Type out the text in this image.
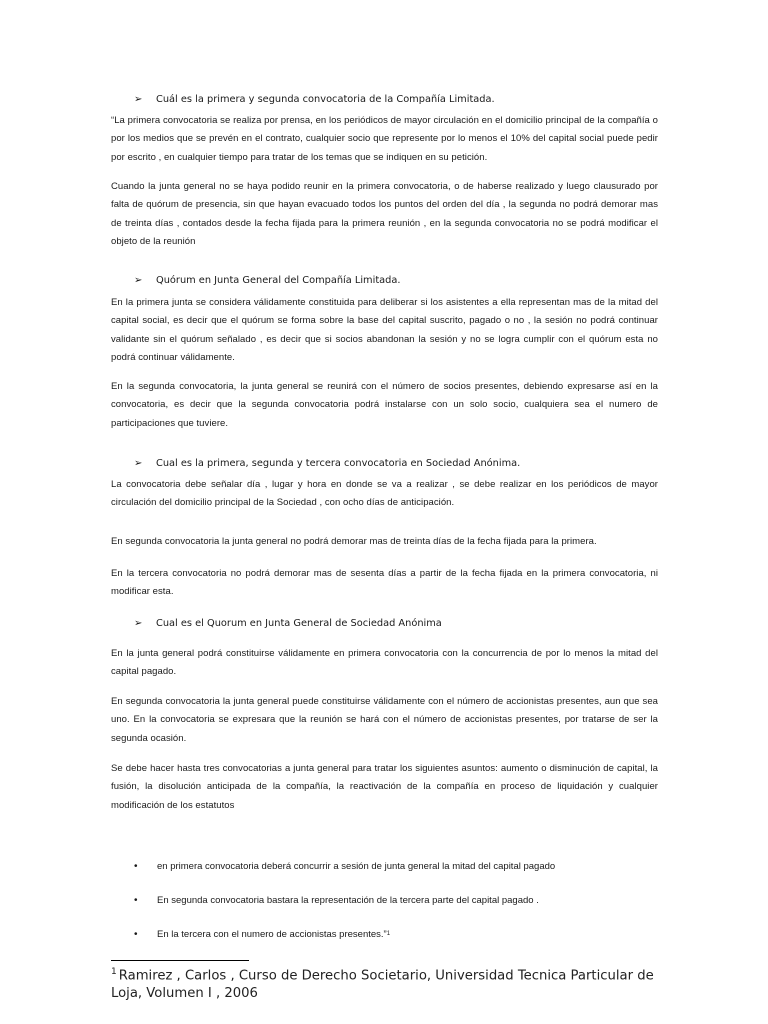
➢	Cuál es la primera y segunda convocatoria de la Compañía Limitada.

“La primera convocatoria se realiza por prensa, en los periódicos de mayor circulación en el domicilio principal de la compañía o por los medios que se prevén en el contrato, cualquier socio que represente por lo menos el 10% del capital social puede pedir por escrito , en cualquier tiempo para tratar de los temas que se indiquen en su petición.

Cuando la junta general no se haya podido reunir en la primera convocatoria, o de haberse realizado y luego clausurado por falta de quórum de presencia, sin que hayan evacuado todos los puntos del orden del día , la segunda no podrá demorar mas de treinta días , contados desde la fecha fijada para la primera reunión , en la segunda convocatoria no se podrá modificar el objeto de la reunión

➢	Quórum en Junta General del Compañía Limitada.

En la primera junta se considera válidamente constituida para deliberar si los asistentes a ella representan mas de la mitad del capital social, es decir que el quórum se forma sobre la base del capital suscrito, pagado o no , la sesión no podrá continuar validante sin el quórum señalado , es decir que si socios abandonan la sesión y no se logra cumplir con el quórum esta no podrá continuar válidamente.

En la segunda convocatoria, la junta general se reunirá con el número de socios presentes, debiendo expresarse así en la convocatoria, es decir que la segunda convocatoria podrá instalarse con un solo socio, cualquiera sea el numero de participaciones que tuviere.

➢	Cual es la primera, segunda y tercera convocatoria en Sociedad Anónima.

La convocatoria debe señalar día , lugar y hora en donde se va a realizar , se debe realizar en los periódicos de mayor circulación del domicilio principal de la Sociedad , con ocho días de anticipación.

En segunda convocatoria la junta general no podrá demorar mas de treinta días de la fecha fijada para la primera.

En la tercera convocatoria no podrá demorar mas de sesenta días a partir de la fecha fijada en la primera convocatoria, ni modificar esta.

➢	Cual es el Quorum en Junta General de Sociedad Anónima

En la junta general podrá constituirse válidamente en primera convocatoria con la concurrencia de por lo menos la mitad del capital pagado.

En segunda convocatoria la junta general puede constituirse válidamente con el número de accionistas presentes, aun que sea uno. En la convocatoria se expresara que la reunión se hará con el número de accionistas presentes, por tratarse de ser la segunda ocasión.

Se debe hacer hasta tres convocatorias a junta general para tratar los siguientes asuntos: aumento o disminución de capital, la fusión, la disolución anticipada de la compañía, la reactivación de la compañía en proceso de liquidación y cualquier modificación de los estatutos

•	en primera convocatoria deberá concurrir a sesión de junta general la mitad del capital pagado
•	En segunda convocatoria bastara la representación de la tercera parte del capital pagado .
•	En la tercera con el numero de accionistas presentes.” 1
$^1$ Ramirez , Carlos , Curso de Derecho Societario, Universidad Tecnica Particular de Loja, Volumen I , 2006
